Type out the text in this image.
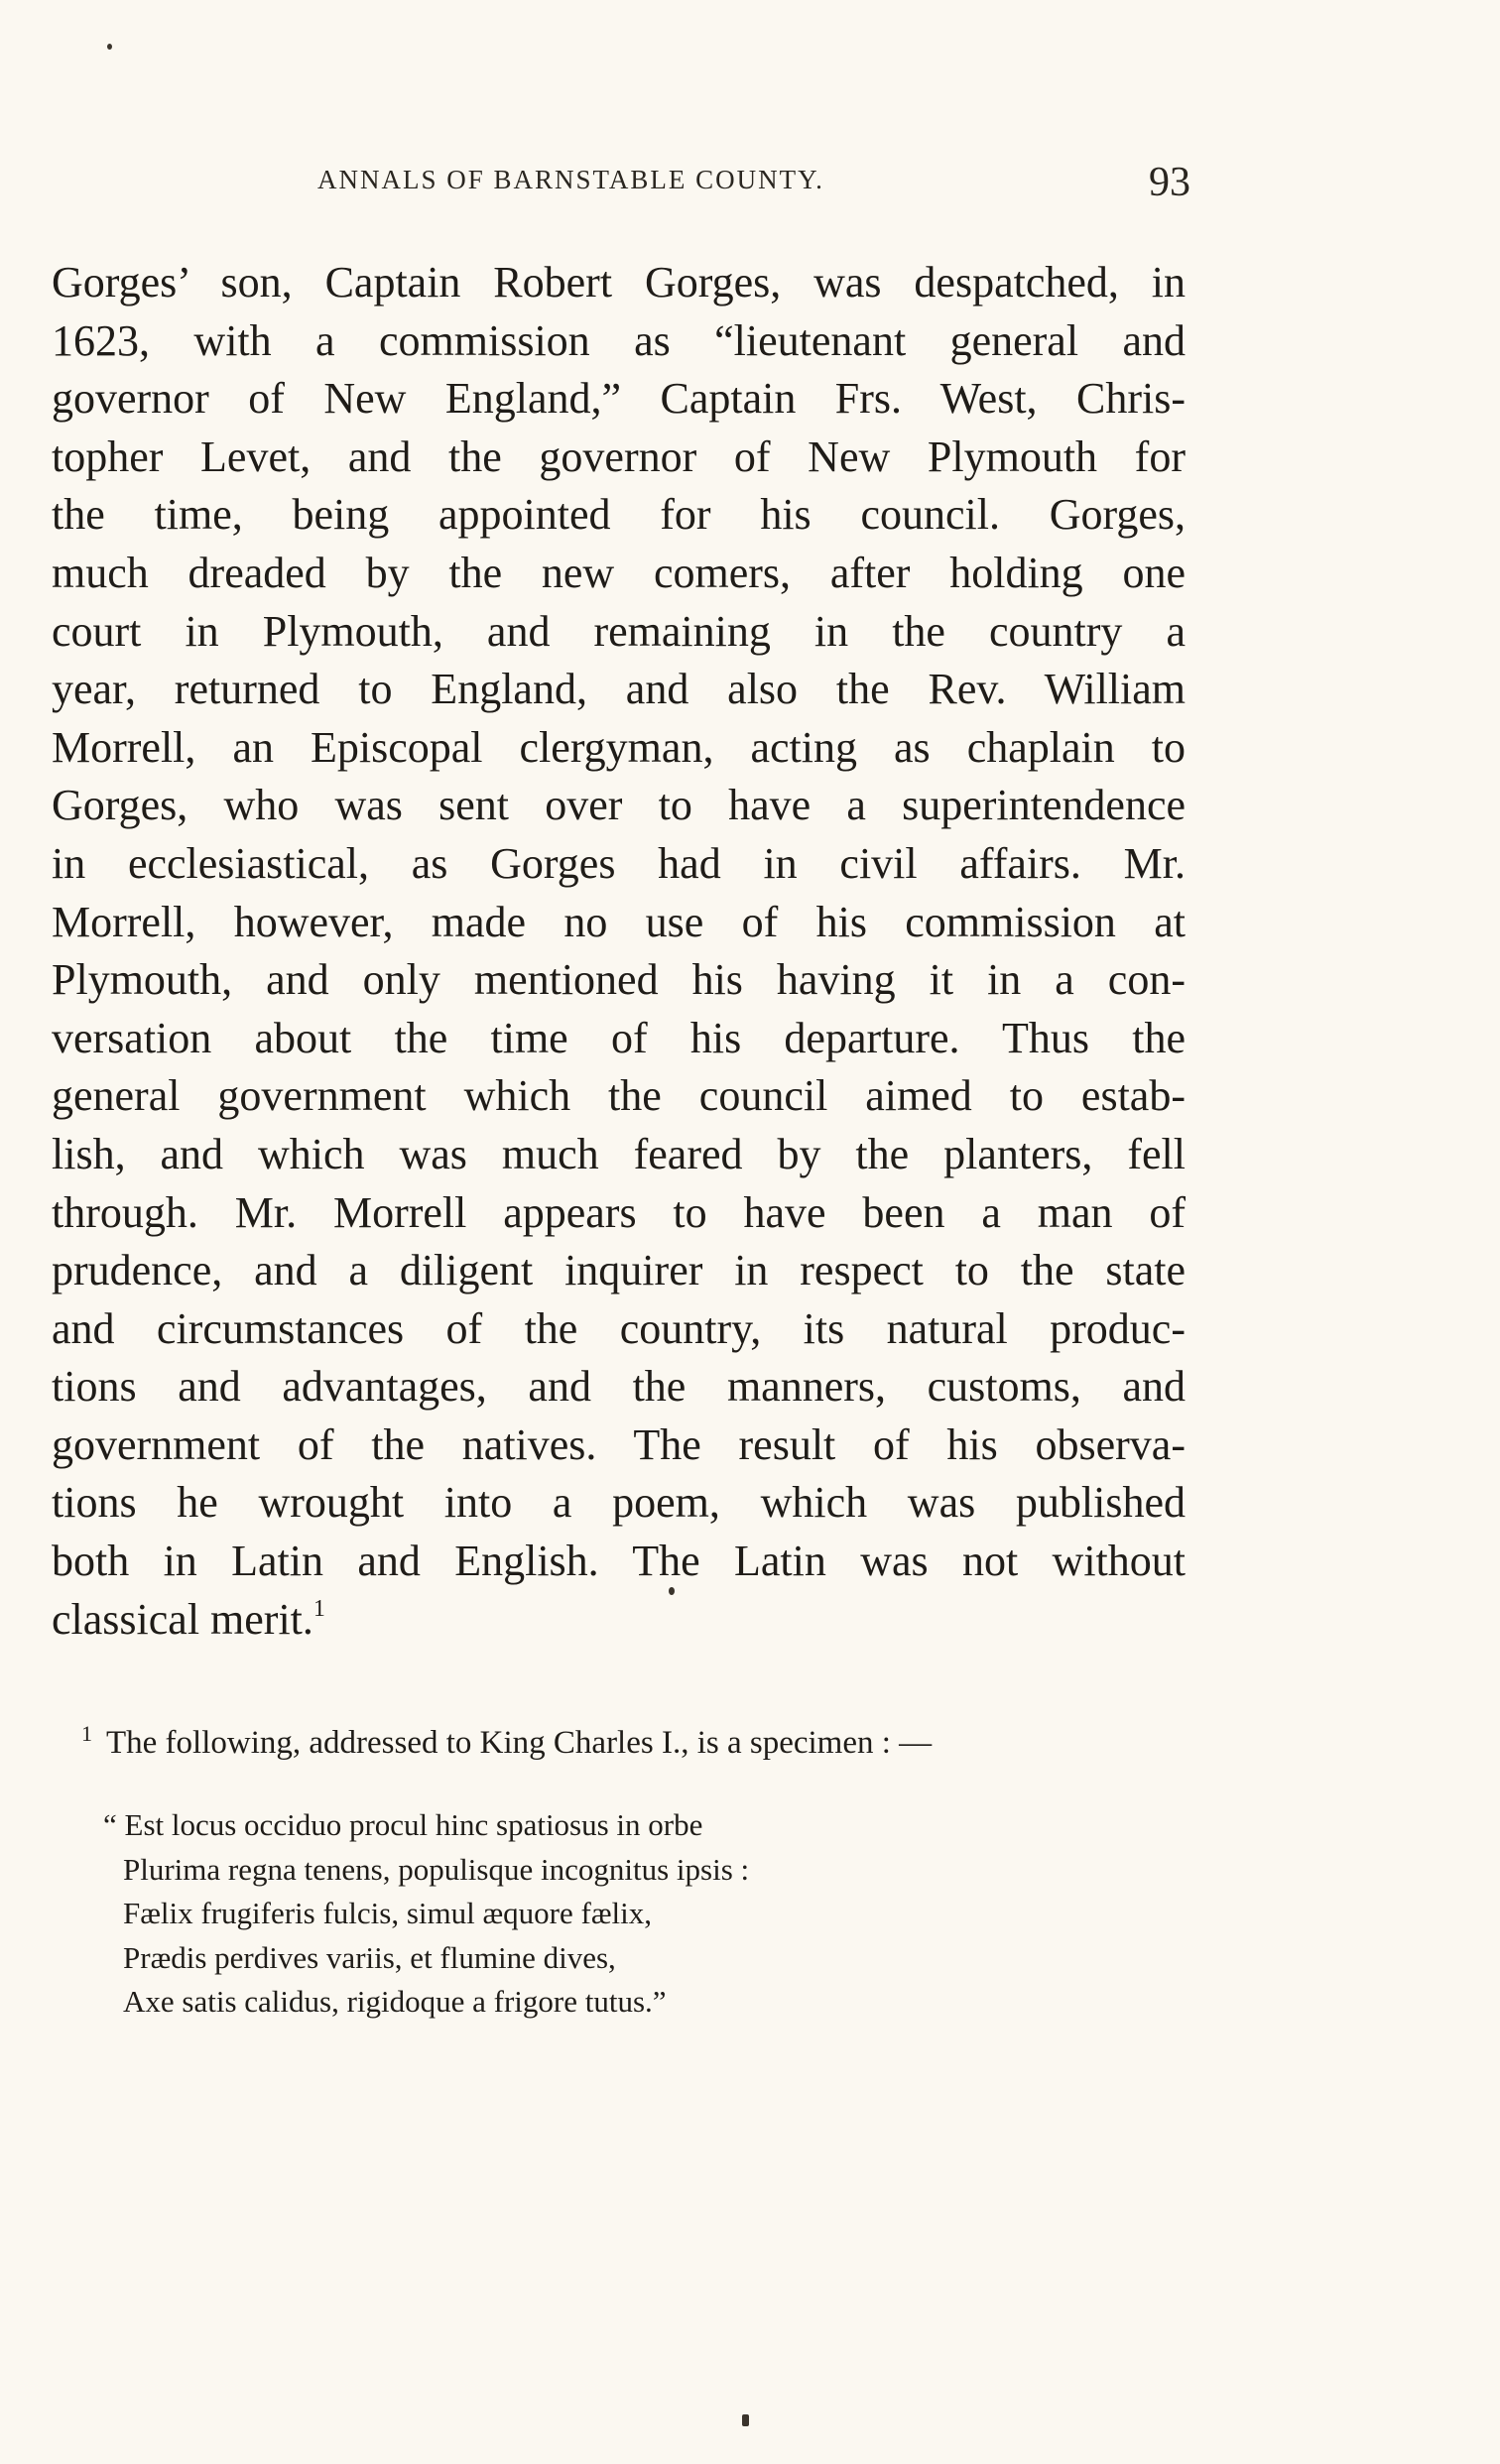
ANNALS OF BARNSTABLE COUNTY.	93
Gorges’ son, Captain Robert Gorges, was despatched, in
1623, with a commission as “lieutenant general and
governor of New England,” Captain Frs. West, Chris-
topher Levet, and the governor of New Plymouth for
the time, being appointed for his council. Gorges,
much dreaded by the new comers, after holding one
court in Plymouth, and remaining in the country a
year, returned to England, and also the Rev. William
Morrell, an Episcopal clergyman, acting as chaplain to
Gorges, who was sent over to have a superintendence
in ecclesiastical, as Gorges had in civil affairs. Mr.
Morrell, however, made no use of his commission at
Plymouth, and only mentioned his having it in a con-
versation about the time of his departure. Thus the
general government which the council aimed to estab-
lish, and which was much feared by the planters, fell
through. Mr. Morrell appears to have been a man of
prudence, and a diligent inquirer in respect to the state
and circumstances of the country, its natural produc-
tions and advantages, and the manners, customs, and
government of the natives. The result of his observa-
tions he wrought into a poem, which was published
both in Latin and English. The Latin was not without
classical merit.$^1$
$^1$ The following, addressed to King Charles I., is a specimen : —
“ Est locus occiduo procul hinc spatiosus in orbe
Plurima regna tenens, populisque incognitus ipsis :
Fælix frugiferis fulcis, simul æquore fælix,
Prædis perdives variis, et flumine dives,
Axe satis calidus, rigidoque a frigore tutus.”
